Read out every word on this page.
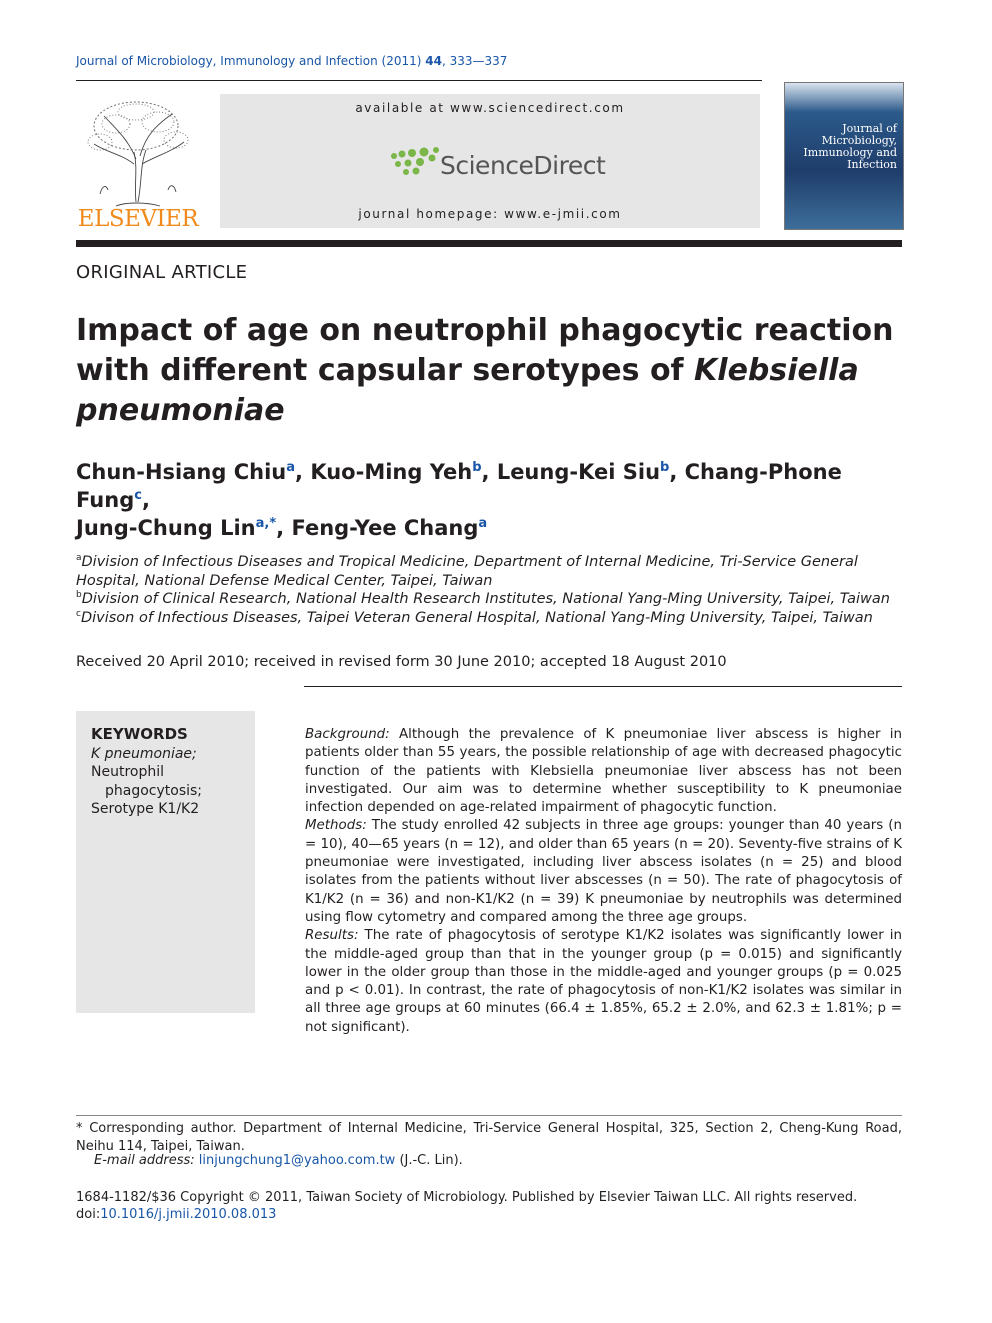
Journal of Microbiology, Immunology and Infection (2011) 44, 333—337
ELSEVIER
available at www.sciencedirect.com
ScienceDirect
journal homepage: www.e-jmii.com
Journal of Microbiology, Immunology and Infection
ORIGINAL ARTICLE
Impact of age on neutrophil phagocytic reaction with different capsular serotypes of Klebsiella pneumoniae
Chun-Hsiang Chiu$^a$, Kuo-Ming Yeh$^b$, Leung-Kei Siu$^b$, Chang-Phone Fung$^c$,
Jung-Chung Lin$^{a,*}$, Feng-Yee Chang$^a$
$^a$Division of Infectious Diseases and Tropical Medicine, Department of Internal Medicine, Tri-Service General Hospital, National Defense Medical Center, Taipei, Taiwan
$^b$Division of Clinical Research, National Health Research Institutes, National Yang-Ming University, Taipei, Taiwan
$^c$Divison of Infectious Diseases, Taipei Veteran General Hospital, National Yang-Ming University, Taipei, Taiwan
Received 20 April 2010; received in revised form 30 June 2010; accepted 18 August 2010
KEYWORDS
K pneumoniae;
Neutrophil
phagocytosis;
Serotype K1/K2

Background: Although the prevalence of K pneumoniae liver abscess is higher in patients older than 55 years, the possible relationship of age with decreased phagocytic function of the patients with Klebsiella pneumoniae liver abscess has not been investigated. Our aim was to determine whether susceptibility to K pneumoniae infection depended on age-related impairment of phagocytic function.

Methods: The study enrolled 42 subjects in three age groups: younger than 40 years (n = 10), 40—65 years (n = 12), and older than 65 years (n = 20). Seventy-five strains of K pneumoniae were investigated, including liver abscess isolates (n = 25) and blood isolates from the patients without liver abscesses (n = 50). The rate of phagocytosis of K1/K2 (n = 36) and non-K1/K2 (n = 39) K pneumoniae by neutrophils was determined using flow cytometry and compared among the three age groups.

Results: The rate of phagocytosis of serotype K1/K2 isolates was significantly lower in the middle-aged group than that in the younger group (p = 0.015) and significantly lower in the older group than those in the middle-aged and younger groups (p = 0.025 and p < 0.01). In contrast, the rate of phagocytosis of non-K1/K2 isolates was similar in all three age groups at 60 minutes (66.4 ± 1.85%, 65.2 ± 2.0%, and 62.3 ± 1.81%; p = not significant).

* Corresponding author. Department of Internal Medicine, Tri-Service General Hospital, 325, Section 2, Cheng-Kung Road, Neihu 114, Taipei, Taiwan.
E-mail address: linjungchung1@yahoo.com.tw (J.-C. Lin).
1684-1182/$36 Copyright © 2011, Taiwan Society of Microbiology. Published by Elsevier Taiwan LLC. All rights reserved.
doi:10.1016/j.jmii.2010.08.013
